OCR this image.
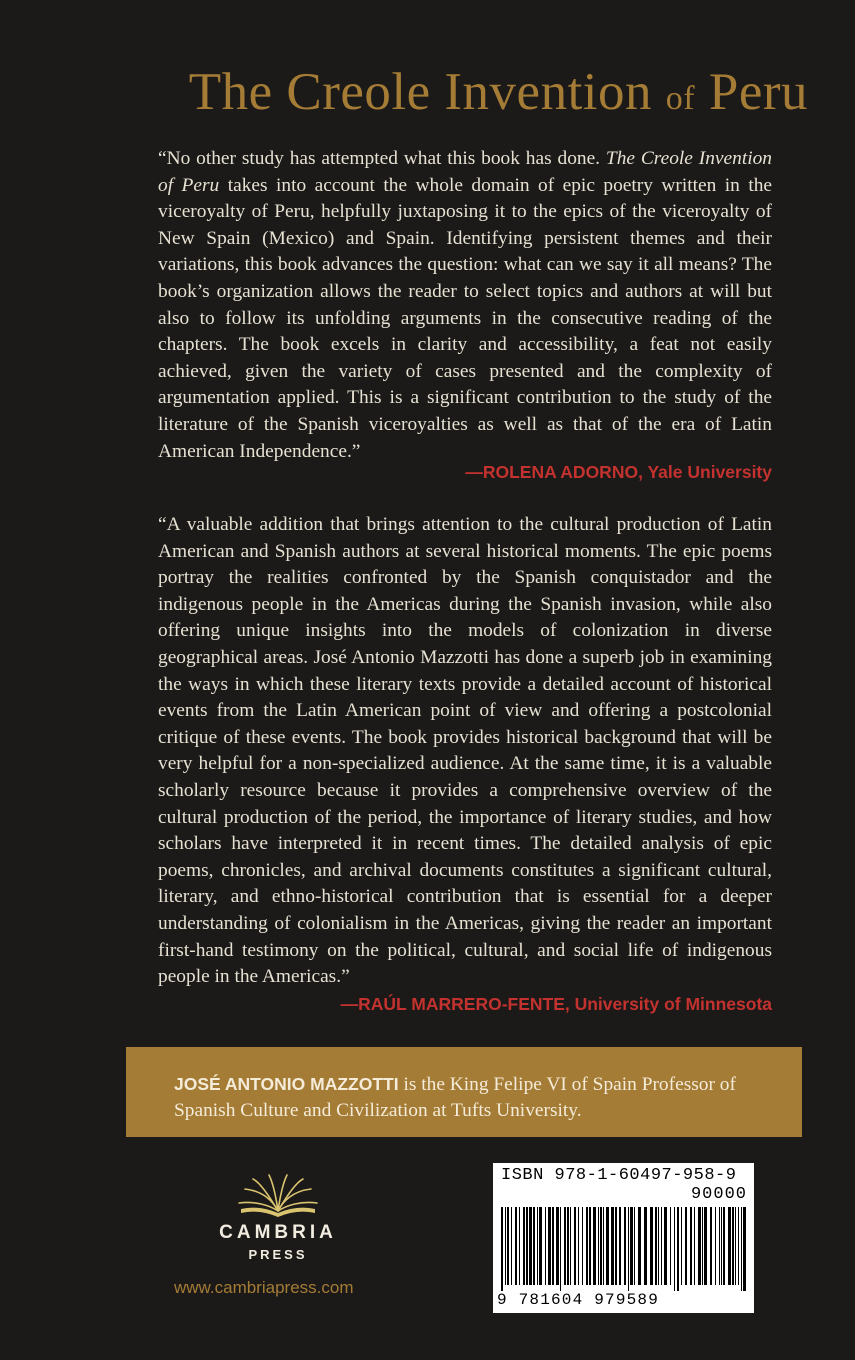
The Creole Invention of Peru

“No other study has attempted what this book has done. The Creole Invention of Peru takes into account the whole domain of epic poetry written in the viceroyalty of Peru, helpfully juxtaposing it to the epics of the viceroyalty of New Spain (Mexico) and Spain. Identifying persistent themes and their variations, this book advances the question: what can we say it all means? The book’s organization allows the reader to select topics and authors at will but also to follow its unfolding arguments in the consecutive reading of the chapters. The book excels in clarity and accessibility, a feat not easily achieved, given the variety of cases presented and the complexity of argumentation applied. This is a significant contribution to the study of the literature of the Spanish viceroyalties as well as that of the era of Latin American Independence.”

—ROLENA ADORNO, Yale University

“A valuable addition that brings attention to the cultural production of Latin American and Spanish authors at several historical moments. The epic poems portray the realities confronted by the Spanish conquistador and the indigenous people in the Americas during the Spanish invasion, while also offering unique insights into the models of colonization in diverse geographical areas. José Antonio Mazzotti has done a superb job in examining the ways in which these literary texts provide a detailed account of historical events from the Latin American point of view and offering a postcolonial critique of these events. The book provides historical background that will be very helpful for a non-specialized audience. At the same time, it is a valuable scholarly resource because it provides a comprehensive overview of the cultural production of the period, the importance of literary studies, and how scholars have interpreted it in recent times. The detailed analysis of epic poems, chronicles, and archival documents constitutes a significant cultural, literary, and ethno-historical contribution that is essential for a deeper understanding of colonialism in the Americas, giving the reader an important first-hand testimony on the political, cultural, and social life of indigenous people in the Americas.”

—RAÚL MARRERO-FENTE, University of Minnesota

JOSÉ ANTONIO MAZZOTTI is the King Felipe VI of Spain Professor of Spanish Culture and Civilization at Tufts University.

CAMBRIA
PRESS
www.cambriapress.com
ISBN 978-1-60497-958-9
90000
9 781604 979589
